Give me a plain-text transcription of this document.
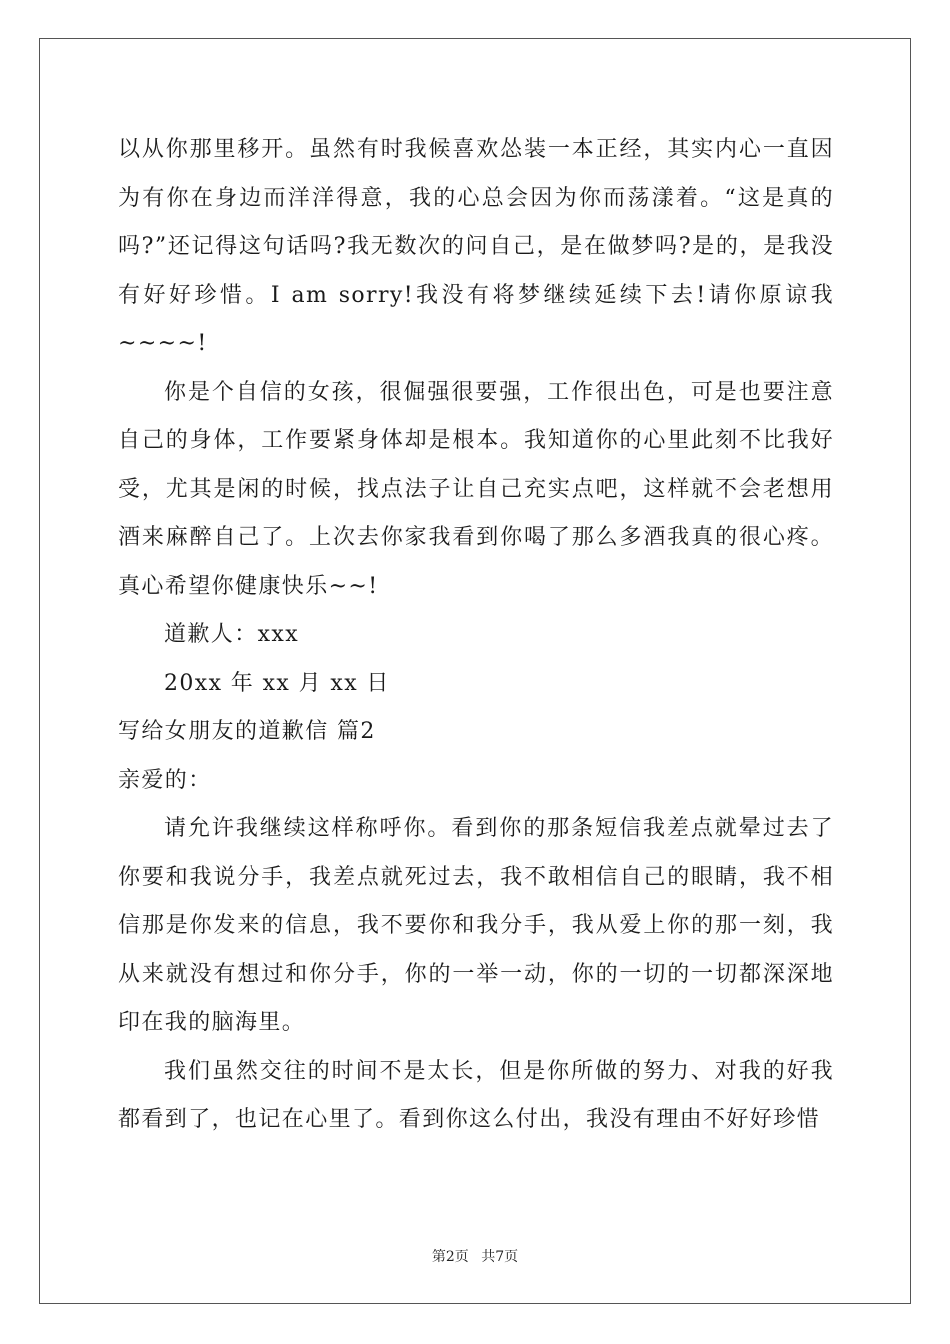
以从你那里移开。虽然有时我候喜欢怂装一本正经，其实内心一直因为有你在身边而洋洋得意，我的心总会因为你而荡漾着。“这是真的吗?”还记得这句话吗?我无数次的问自己，是在做梦吗?是的，是我没有好好珍惜。I am sorry!我没有将梦继续延续下去!请你原谅我~~~~!

你是个自信的女孩，很倔强很要强，工作很出色，可是也要注意自己的身体，工作要紧身体却是根本。我知道你的心里此刻不比我好受，尤其是闲的时候，找点法子让自己充实点吧，这样就不会老想用酒来麻醉自己了。上次去你家我看到你喝了那么多酒我真的很心疼。真心希望你健康快乐~~!

道歉人：xxx

20xx 年 xx 月 xx 日

写给女朋友的道歉信 篇2

亲爱的：

请允许我继续这样称呼你。看到你的那条短信我差点就晕过去了你要和我说分手，我差点就死过去，我不敢相信自己的眼睛，我不相信那是你发来的信息，我不要你和我分手，我从爱上你的那一刻，我从来就没有想过和你分手，你的一举一动，你的一切的一切都深深地印在我的脑海里。

我们虽然交往的时间不是太长，但是你所做的努力、对我的好我都看到了，也记在心里了。看到你这么付出，我没有理由不好好珍惜

第2页 共7页
